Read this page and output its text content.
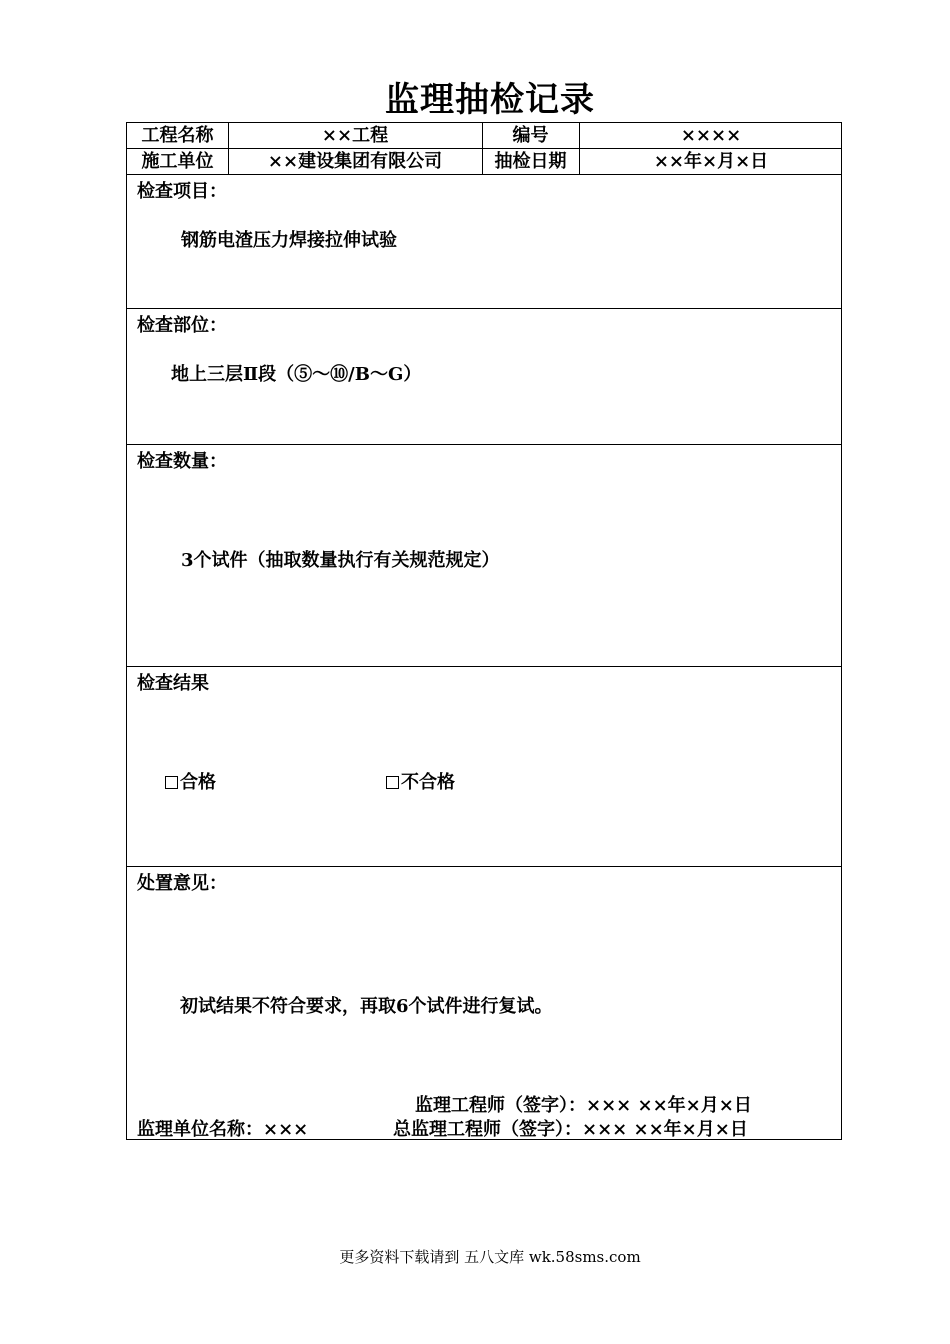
监理抽检记录
工程名称	××工程	编号	××××
施工单位	××建设集团有限公司	抽检日期	××年×月×日
检查项目：
钢筋电渣压力焊接拉伸试验
检查部位：
地上三层Ⅱ段（⑤～⑩/B～G）
检查数量：
3个试件（抽取数量执行有关规范规定）
检查结果
合格	不合格
处置意见：
初试结果不符合要求，再取6个试件进行复试。
监理工程师（签字）：××× ××年×月×日
监理单位名称：×××	总监理工程师（签字）：××× ××年×月×日
更多资料下载请到 五八文库 wk.58sms.com
